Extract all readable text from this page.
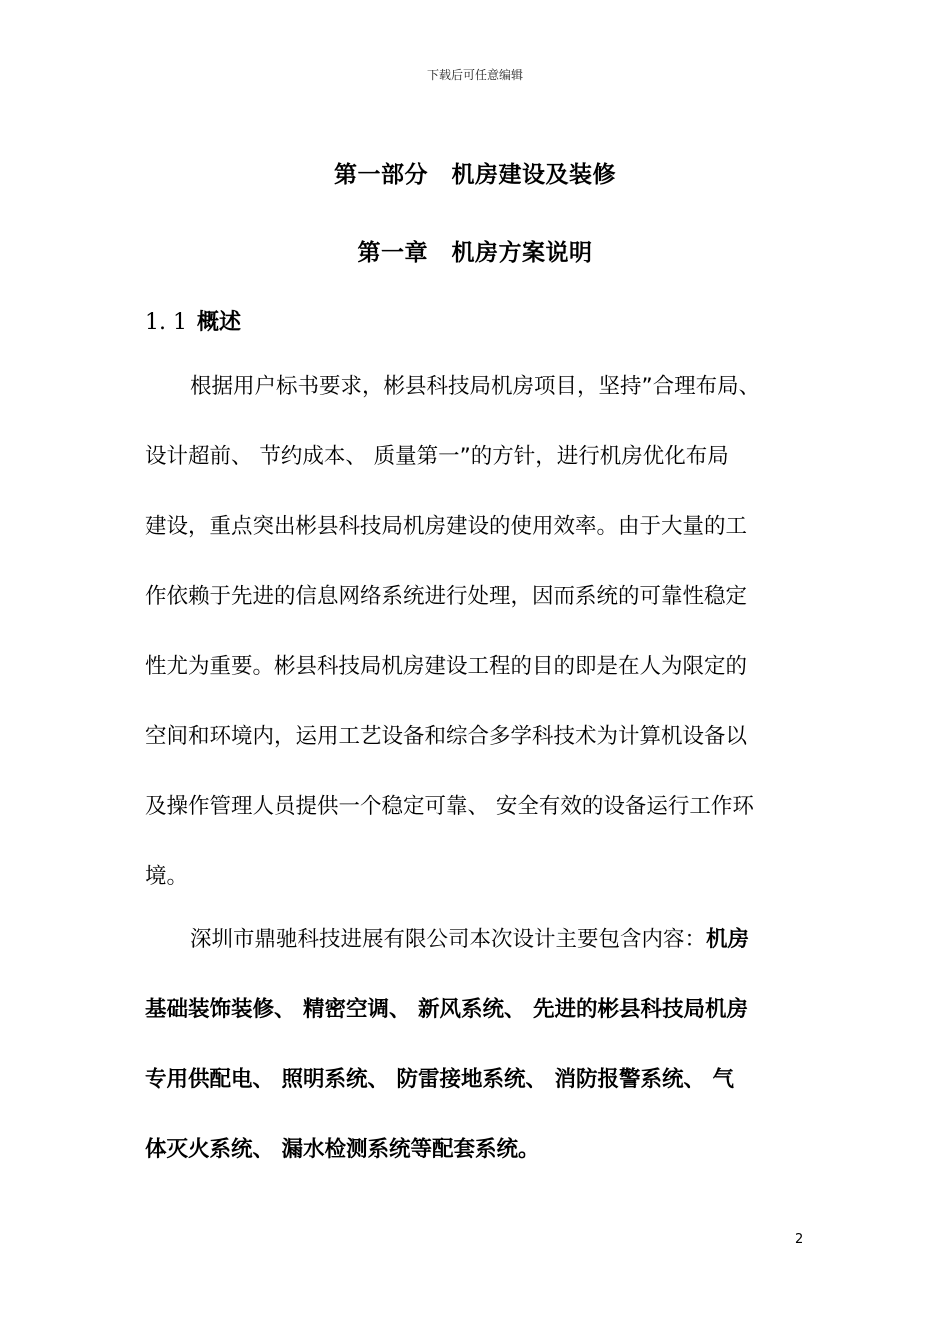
下载后可任意编辑
第一部分　机房建设及装修
第一章　机房方案说明
1. 1 概述
根据用户标书要求，彬县科技局机房项目，坚持”合理布局、
设计超前、 节约成本、 质量第一”的方针，进行机房优化布局
建设，重点突出彬县科技局机房建设的使用效率。由于大量的工
作依赖于先进的信息网络系统进行处理，因而系统的可靠性稳定
性尤为重要。彬县科技局机房建设工程的目的即是在人为限定的
空间和环境内，运用工艺设备和综合多学科技术为计算机设备以
及操作管理人员提供一个稳定可靠、 安全有效的设备运行工作环
境。
深圳市鼎驰科技进展有限公司本次设计主要包含内容：机房
基础装饰装修、 精密空调、 新风系统、 先进的彬县科技局机房
专用供配电、 照明系统、 防雷接地系统、 消防报警系统、 气
体灭火系统、 漏水检测系统等配套系统。
2
